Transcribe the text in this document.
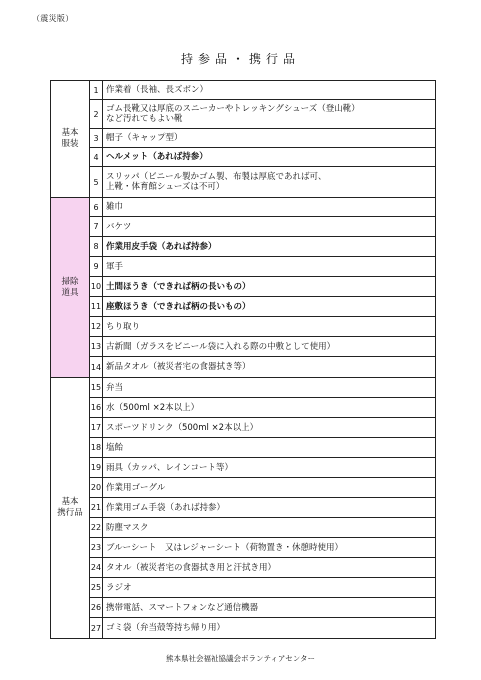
（震災版）
持参品・携行品
基本
服装
1 作業着（長袖、長ズボン）
2 ゴム長靴又は厚底のスニーカーやトレッキングシューズ（登山靴）
など汚れてもよい靴
3 帽子（キャップ型）
4 ヘルメット（あれば持参）
5 スリッパ（ビニール製かゴム製、布製は厚底であれば可、
上靴・体育館シューズは不可）
掃除
道具
6 雑巾
7 バケツ
8 作業用皮手袋（あれば持参）
9 軍手
10 土間ほうき（できれば柄の長いもの）
11 座敷ほうき（できれば柄の長いもの）
12 ちり取り
13 古新聞（ガラスをビニール袋に入れる際の中敷として使用）
14 新品タオル（被災者宅の食器拭き等）
基本
携行品
15 弁当
16 水（500ml ×2本以上）
17 スポーツドリンク（500ml ×2本以上）
18 塩飴
19 雨具（カッパ、レインコート等）
20 作業用ゴーグル
21 作業用ゴム手袋（あれば持参）
22 防塵マスク
23 ブルーシート　又はレジャーシート（荷物置き・休憩時使用）
24 タオル（被災者宅の食器拭き用と汗拭き用）
25 ラジオ
26 携帯電話、スマートフォンなど通信機器
27 ゴミ袋（弁当殻等持ち帰り用）
熊本県社会福祉協議会ボランティアセンター
